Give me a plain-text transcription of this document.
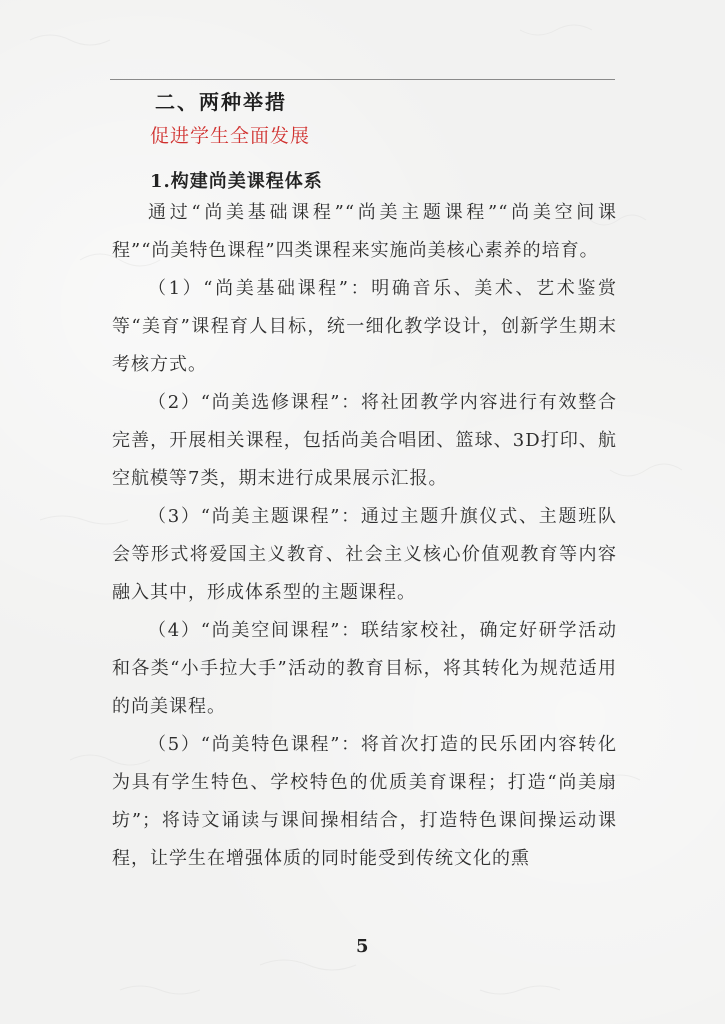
二、两种举措
促进学生全面发展
1.构建尚美课程体系

通过“尚美基础课程”“尚美主题课程”“尚美空间课程”“尚美特色课程”四类课程来实施尚美核心素养的培育。

（1）“尚美基础课程”：明确音乐、美术、艺术鉴赏等“美育”课程育人目标，统一细化教学设计，创新学生期末考核方式。

（2）“尚美选修课程”：将社团教学内容进行有效整合完善，开展相关课程，包括尚美合唱团、篮球、3D打印、航空航模等7类，期末进行成果展示汇报。

（3）“尚美主题课程”：通过主题升旗仪式、主题班队会等形式将爱国主义教育、社会主义核心价值观教育等内容融入其中，形成体系型的主题课程。

（4）“尚美空间课程”：联结家校社，确定好研学活动和各类“小手拉大手”活动的教育目标，将其转化为规范适用的尚美课程。

（5）“尚美特色课程”：将首次打造的民乐团内容转化为具有学生特色、学校特色的优质美育课程；打造“尚美扇坊”；将诗文诵读与课间操相结合，打造特色课间操运动课程，让学生在增强体质的同时能受到传统文化的熏

5
